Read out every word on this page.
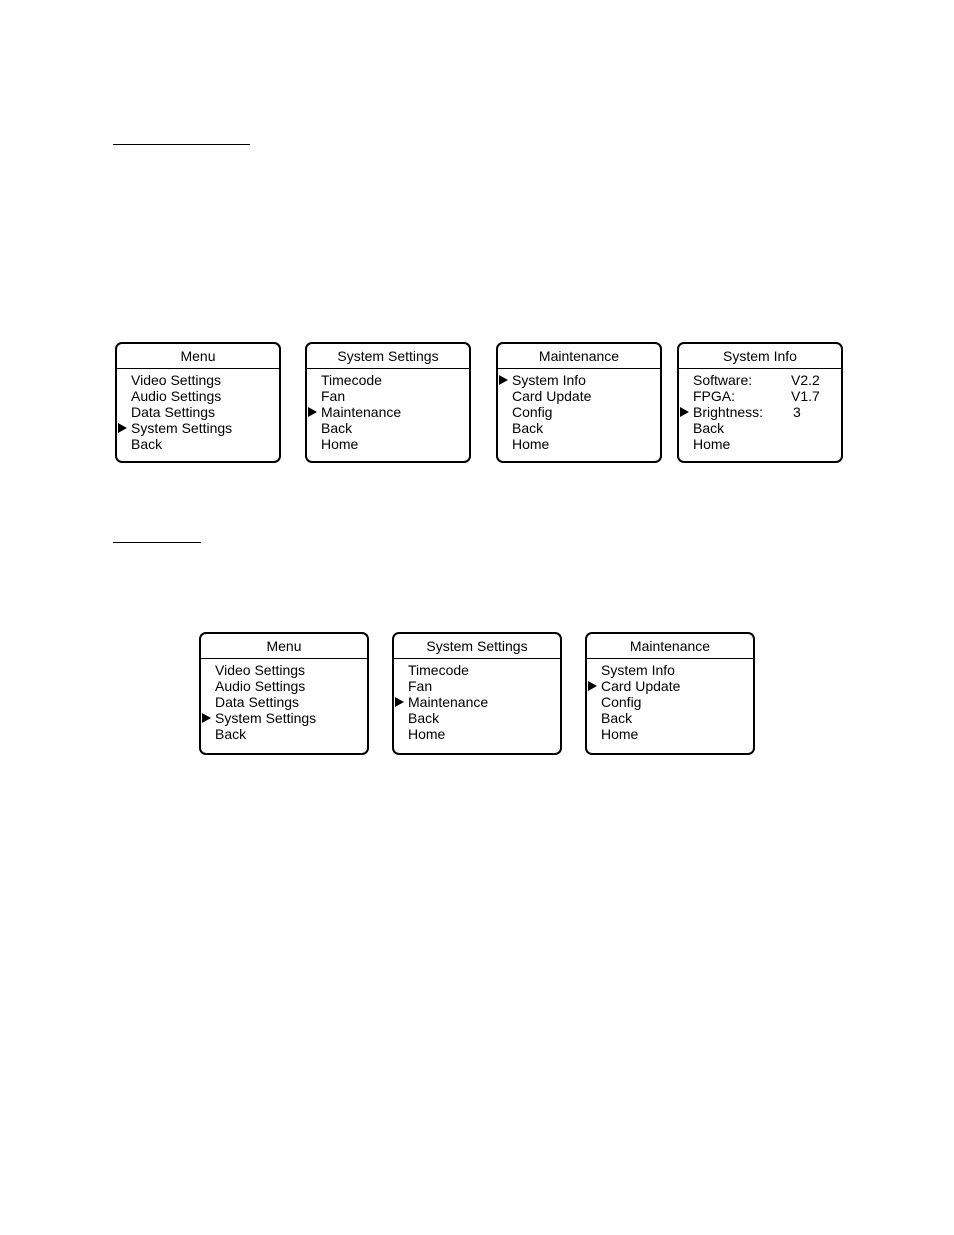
Menu
Video Settings
Audio Settings
Data Settings
System Settings
Back
System Settings
Timecode
Fan
Maintenance
Back
Home
Maintenance
System Info
Card Update
Config
Back
Home
System Info
Software:	V2.2
FPGA:	V1.7
Brightness: 3
Back
Home
Menu
Video Settings
Audio Settings
Data Settings
System Settings
Back
System Settings
Timecode
Fan
Maintenance
Back
Home
Maintenance
System Info
Card Update
Config
Back
Home
